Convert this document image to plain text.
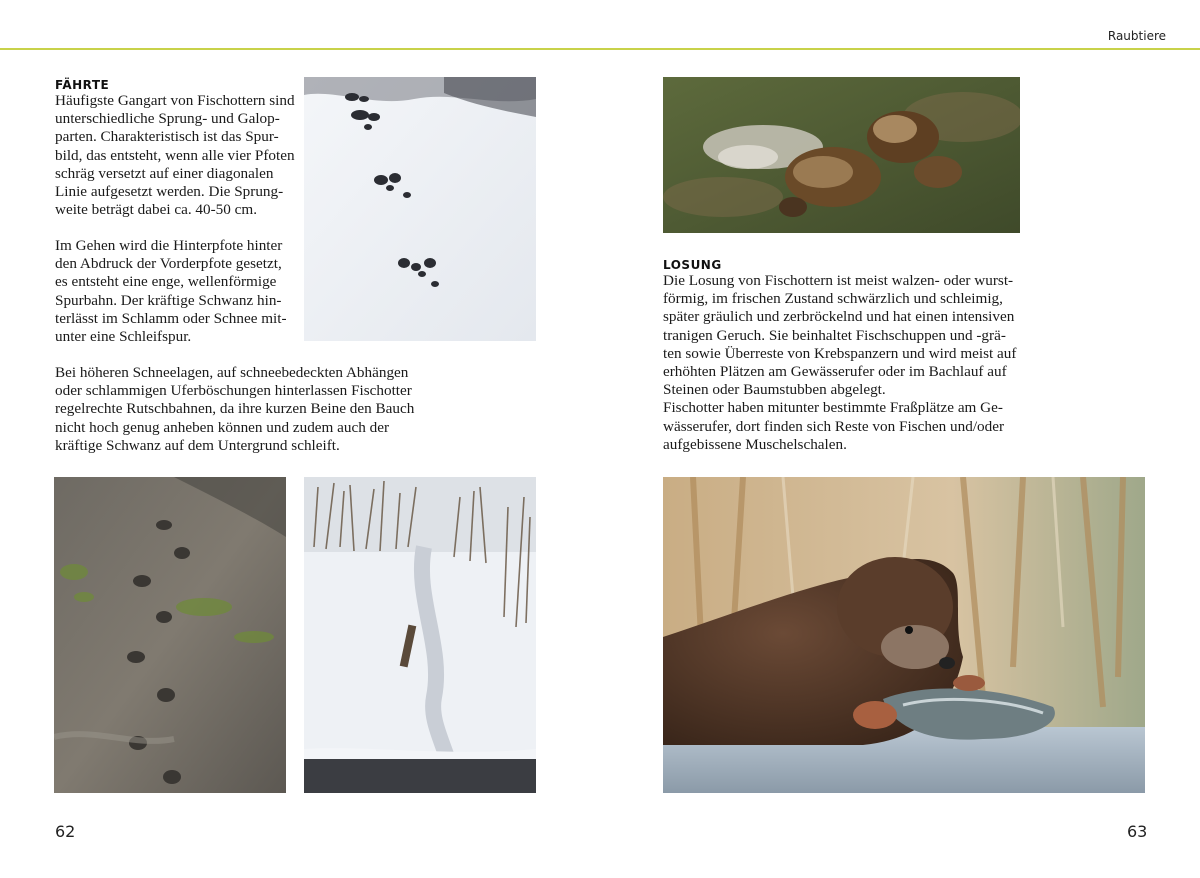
Raubtiere
FÄHRTE

Häufigste Gangart von Fischottern sind
unterschiedliche Sprung- und Galop-
parten. Charakteristisch ist das Spur-
bild, das entsteht, wenn alle vier Pfoten
schräg versetzt auf einer diagonalen
Linie aufgesetzt werden. Die Sprung-
weite beträgt dabei ca. 40-50 cm.

Im Gehen wird die Hinterpfote hinter
den Abdruck der Vorderpfote gesetzt,
es entsteht eine enge, wellenförmige
Spurbahn. Der kräftige Schwanz hin-
terlässt im Schlamm oder Schnee mit-
unter eine Schleifspur.

Bei höheren Schneelagen, auf schneebedeckten Abhängen
oder schlammigen Uferböschungen hinterlassen Fischotter
regelrechte Rutschbahnen, da ihre kurzen Beine den Bauch
nicht hoch genug anheben können und zudem auch der
kräftige Schwanz auf dem Untergrund schleift.

62
LOSUNG

Die Losung von Fischottern ist meist walzen- oder wurst-
förmig, im frischen Zustand schwärzlich und schleimig,
später gräulich und zerbröckelnd und hat einen intensiven
tranigen Geruch. Sie beinhaltet Fischschuppen und -grä-
ten sowie Überreste von Krebspanzern und wird meist auf
erhöhten Plätzen am Gewässerufer oder im Bachlauf auf
Steinen oder Baumstubben abgelegt.
Fischotter haben mitunter bestimmte Fraßplätze am Ge-
wässerufer, dort finden sich Reste von Fischen und/oder
aufgebissene Muschelschalen.

63
